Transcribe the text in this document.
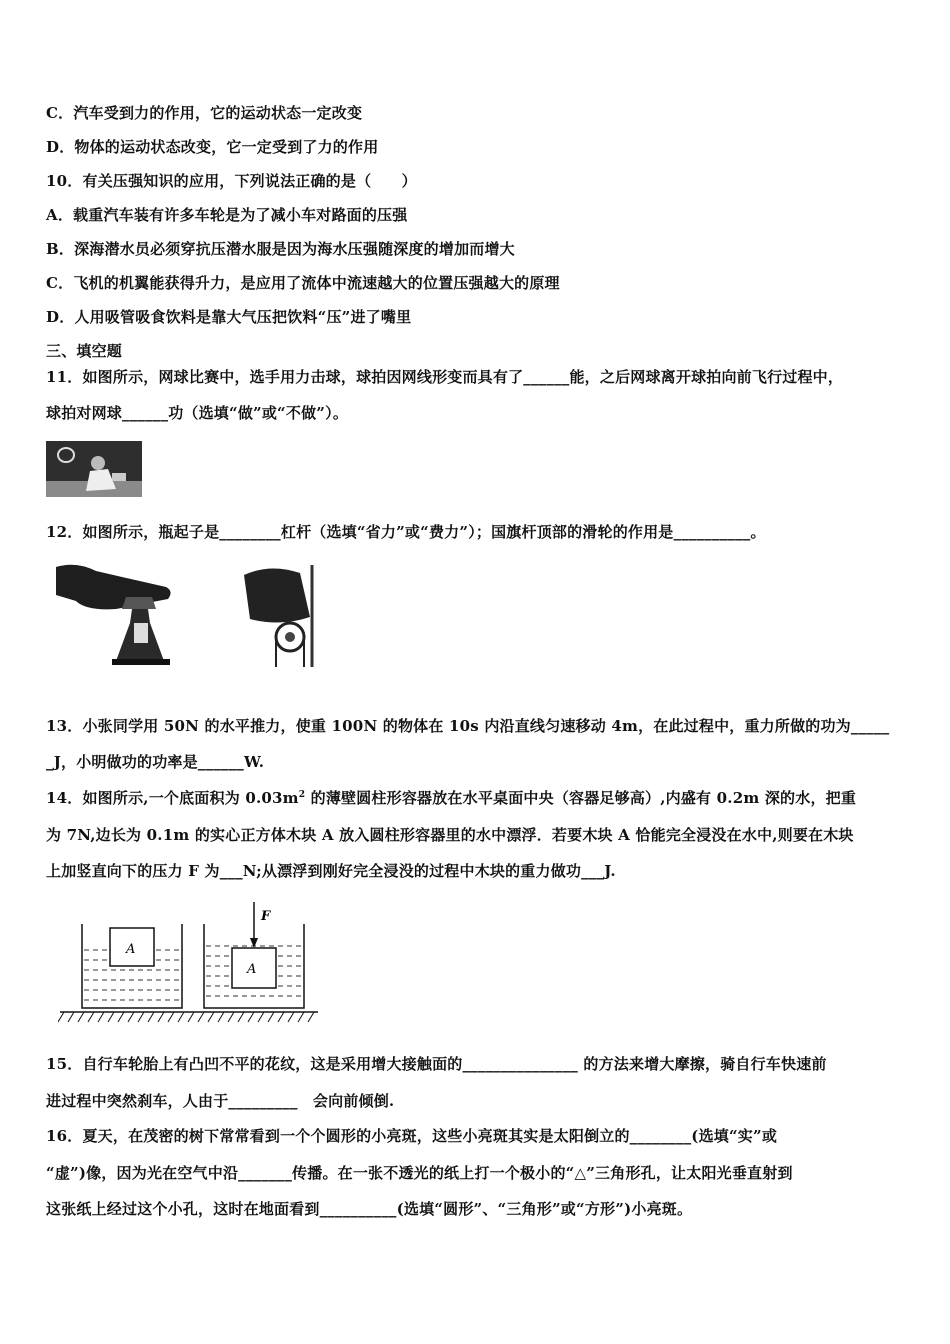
C．汽车受到力的作用，它的运动状态一定改变
D．物体的运动状态改变，它一定受到了力的作用
10．有关压强知识的应用，下列说法正确的是（　　）
A．载重汽车装有许多车轮是为了减小车对路面的压强
B．深海潜水员必须穿抗压潜水服是因为海水压强随深度的增加而增大
C．飞机的机翼能获得升力，是应用了流体中流速越大的位置压强越大的原理
D．人用吸管吸食饮料是靠大气压把饮料“压”进了嘴里
三、填空题
11．如图所示，网球比赛中，选手用力击球，球拍因网线形变而具有了______能，之后网球离开球拍向前飞行过程中，
球拍对网球______功（选填“做”或“不做”）。
12．如图所示，瓶起子是________杠杆（选填“省力”或“费力”）；国旗杆顶部的滑轮的作用是__________。
13．小张同学用 50N 的水平推力，使重 100N 的物体在 10s 内沿直线匀速移动 4m，在此过程中，重力所做的功为_____
_J，小明做功的功率是______W.
14．如图所示,一个底面积为 $0.03m^2$ 的薄壁圆柱形容器放在水平桌面中央（容器足够高）,内盛有 0.2m 深的水，把重
为 7N,边长为 0.1m 的实心正方体木块 A 放入圆柱形容器里的水中漂浮．若要木块 A 恰能完全浸没在水中,则要在木块
上加竖直向下的压力 F 为___N;从漂浮到刚好完全浸没的过程中木块的重力做功___J.
A
A
F
15．自行车轮胎上有凸凹不平的花纹，这是采用增大接触面的_______________ 的方法来增大摩擦，骑自行车快速前
进过程中突然刹车，人由于_________　会向前倾倒.
16．夏天，在茂密的树下常常看到一个个圆形的小亮斑，这些小亮斑其实是太阳倒立的________(选填“实”或
“虚”)像，因为光在空气中沿_______传播。在一张不透光的纸上打一个极小的“△”三角形孔，让太阳光垂直射到
这张纸上经过这个小孔，这时在地面看到__________(选填“圆形”、“三角形”或“方形”)小亮斑。
